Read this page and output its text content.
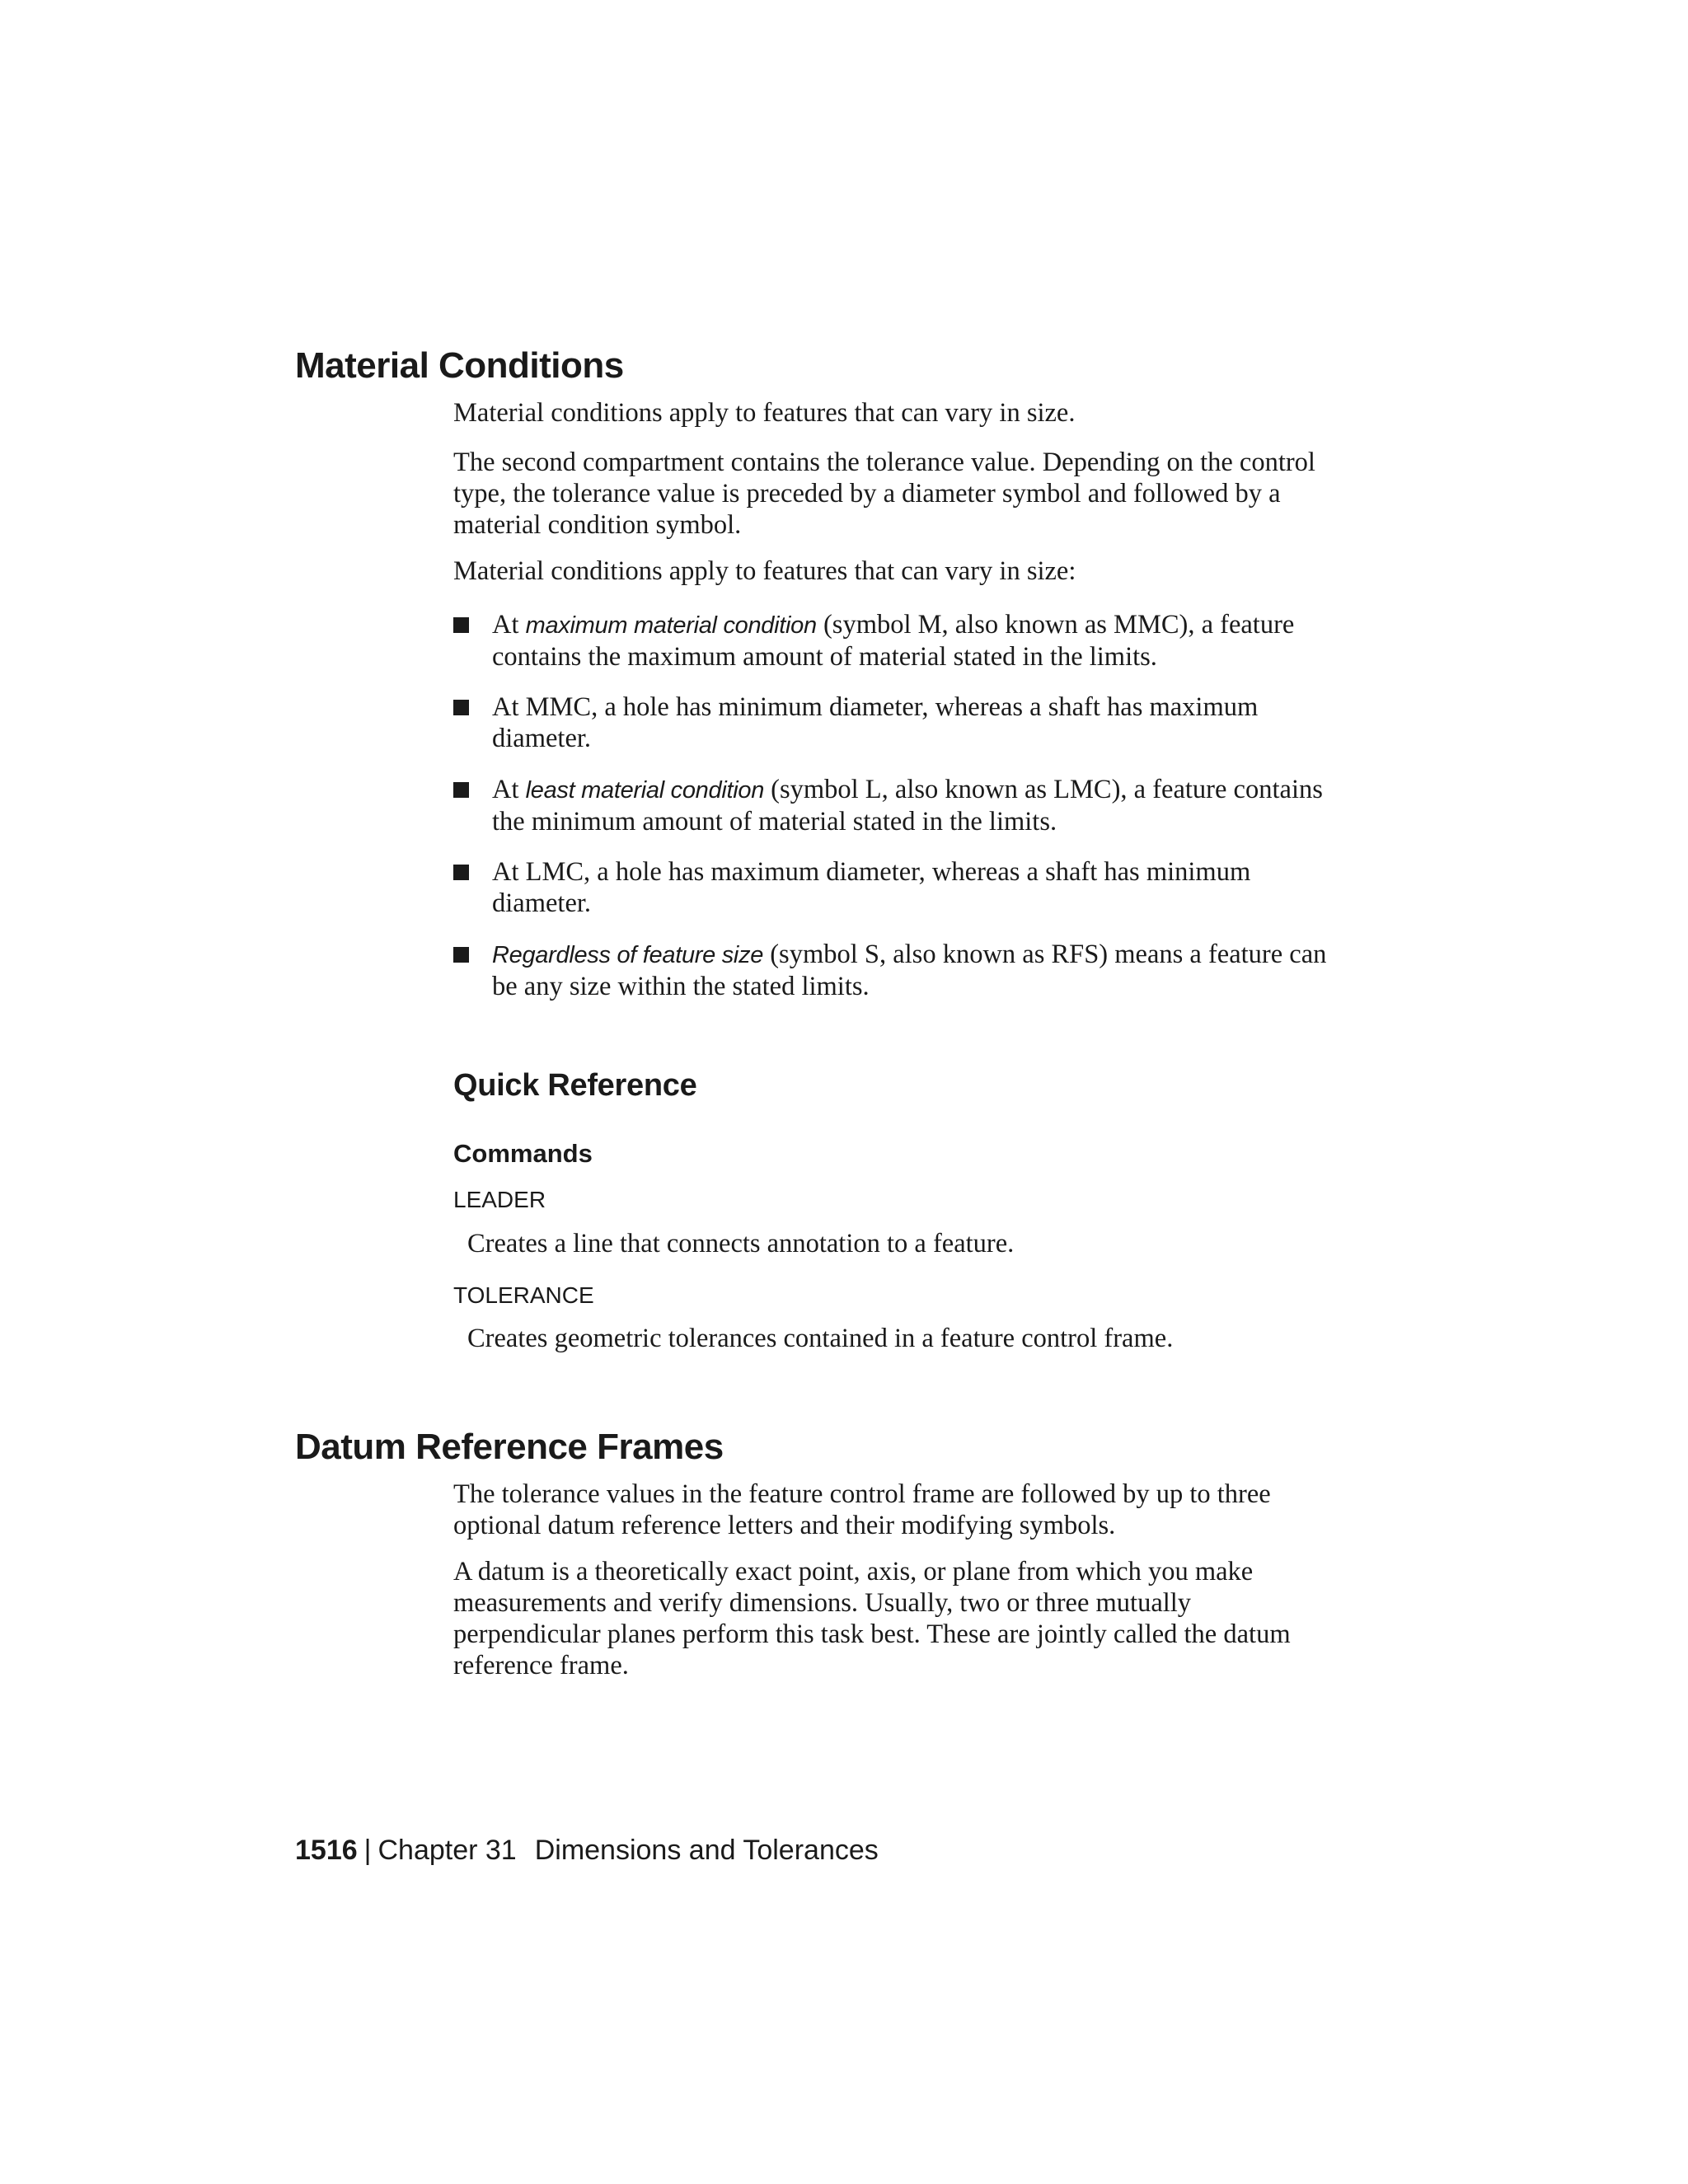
Material Conditions

Material conditions apply to features that can vary in size.

The second compartment contains the tolerance value. Depending on the control type, the tolerance value is preceded by a diameter symbol and followed by a material condition symbol.

Material conditions apply to features that can vary in size:

At maximum material condition (symbol M, also known as MMC), a feature contains the maximum amount of material stated in the limits.
At MMC, a hole has minimum diameter, whereas a shaft has maximum diameter.
At least material condition (symbol L, also known as LMC), a feature contains the minimum amount of material stated in the limits.
At LMC, a hole has maximum diameter, whereas a shaft has minimum diameter.
Regardless of feature size (symbol S, also known as RFS) means a feature can be any size within the stated limits.
Quick Reference
Commands

LEADER

Creates a line that connects annotation to a feature.

TOLERANCE

Creates geometric tolerances contained in a feature control frame.

Datum Reference Frames

The tolerance values in the feature control frame are followed by up to three optional datum reference letters and their modifying symbols.

A datum is a theoretically exact point, axis, or plane from which you make measurements and verify dimensions. Usually, two or three mutually perpendicular planes perform this task best. These are jointly called the datum reference frame.

1516 | Chapter 31 Dimensions and Tolerances
